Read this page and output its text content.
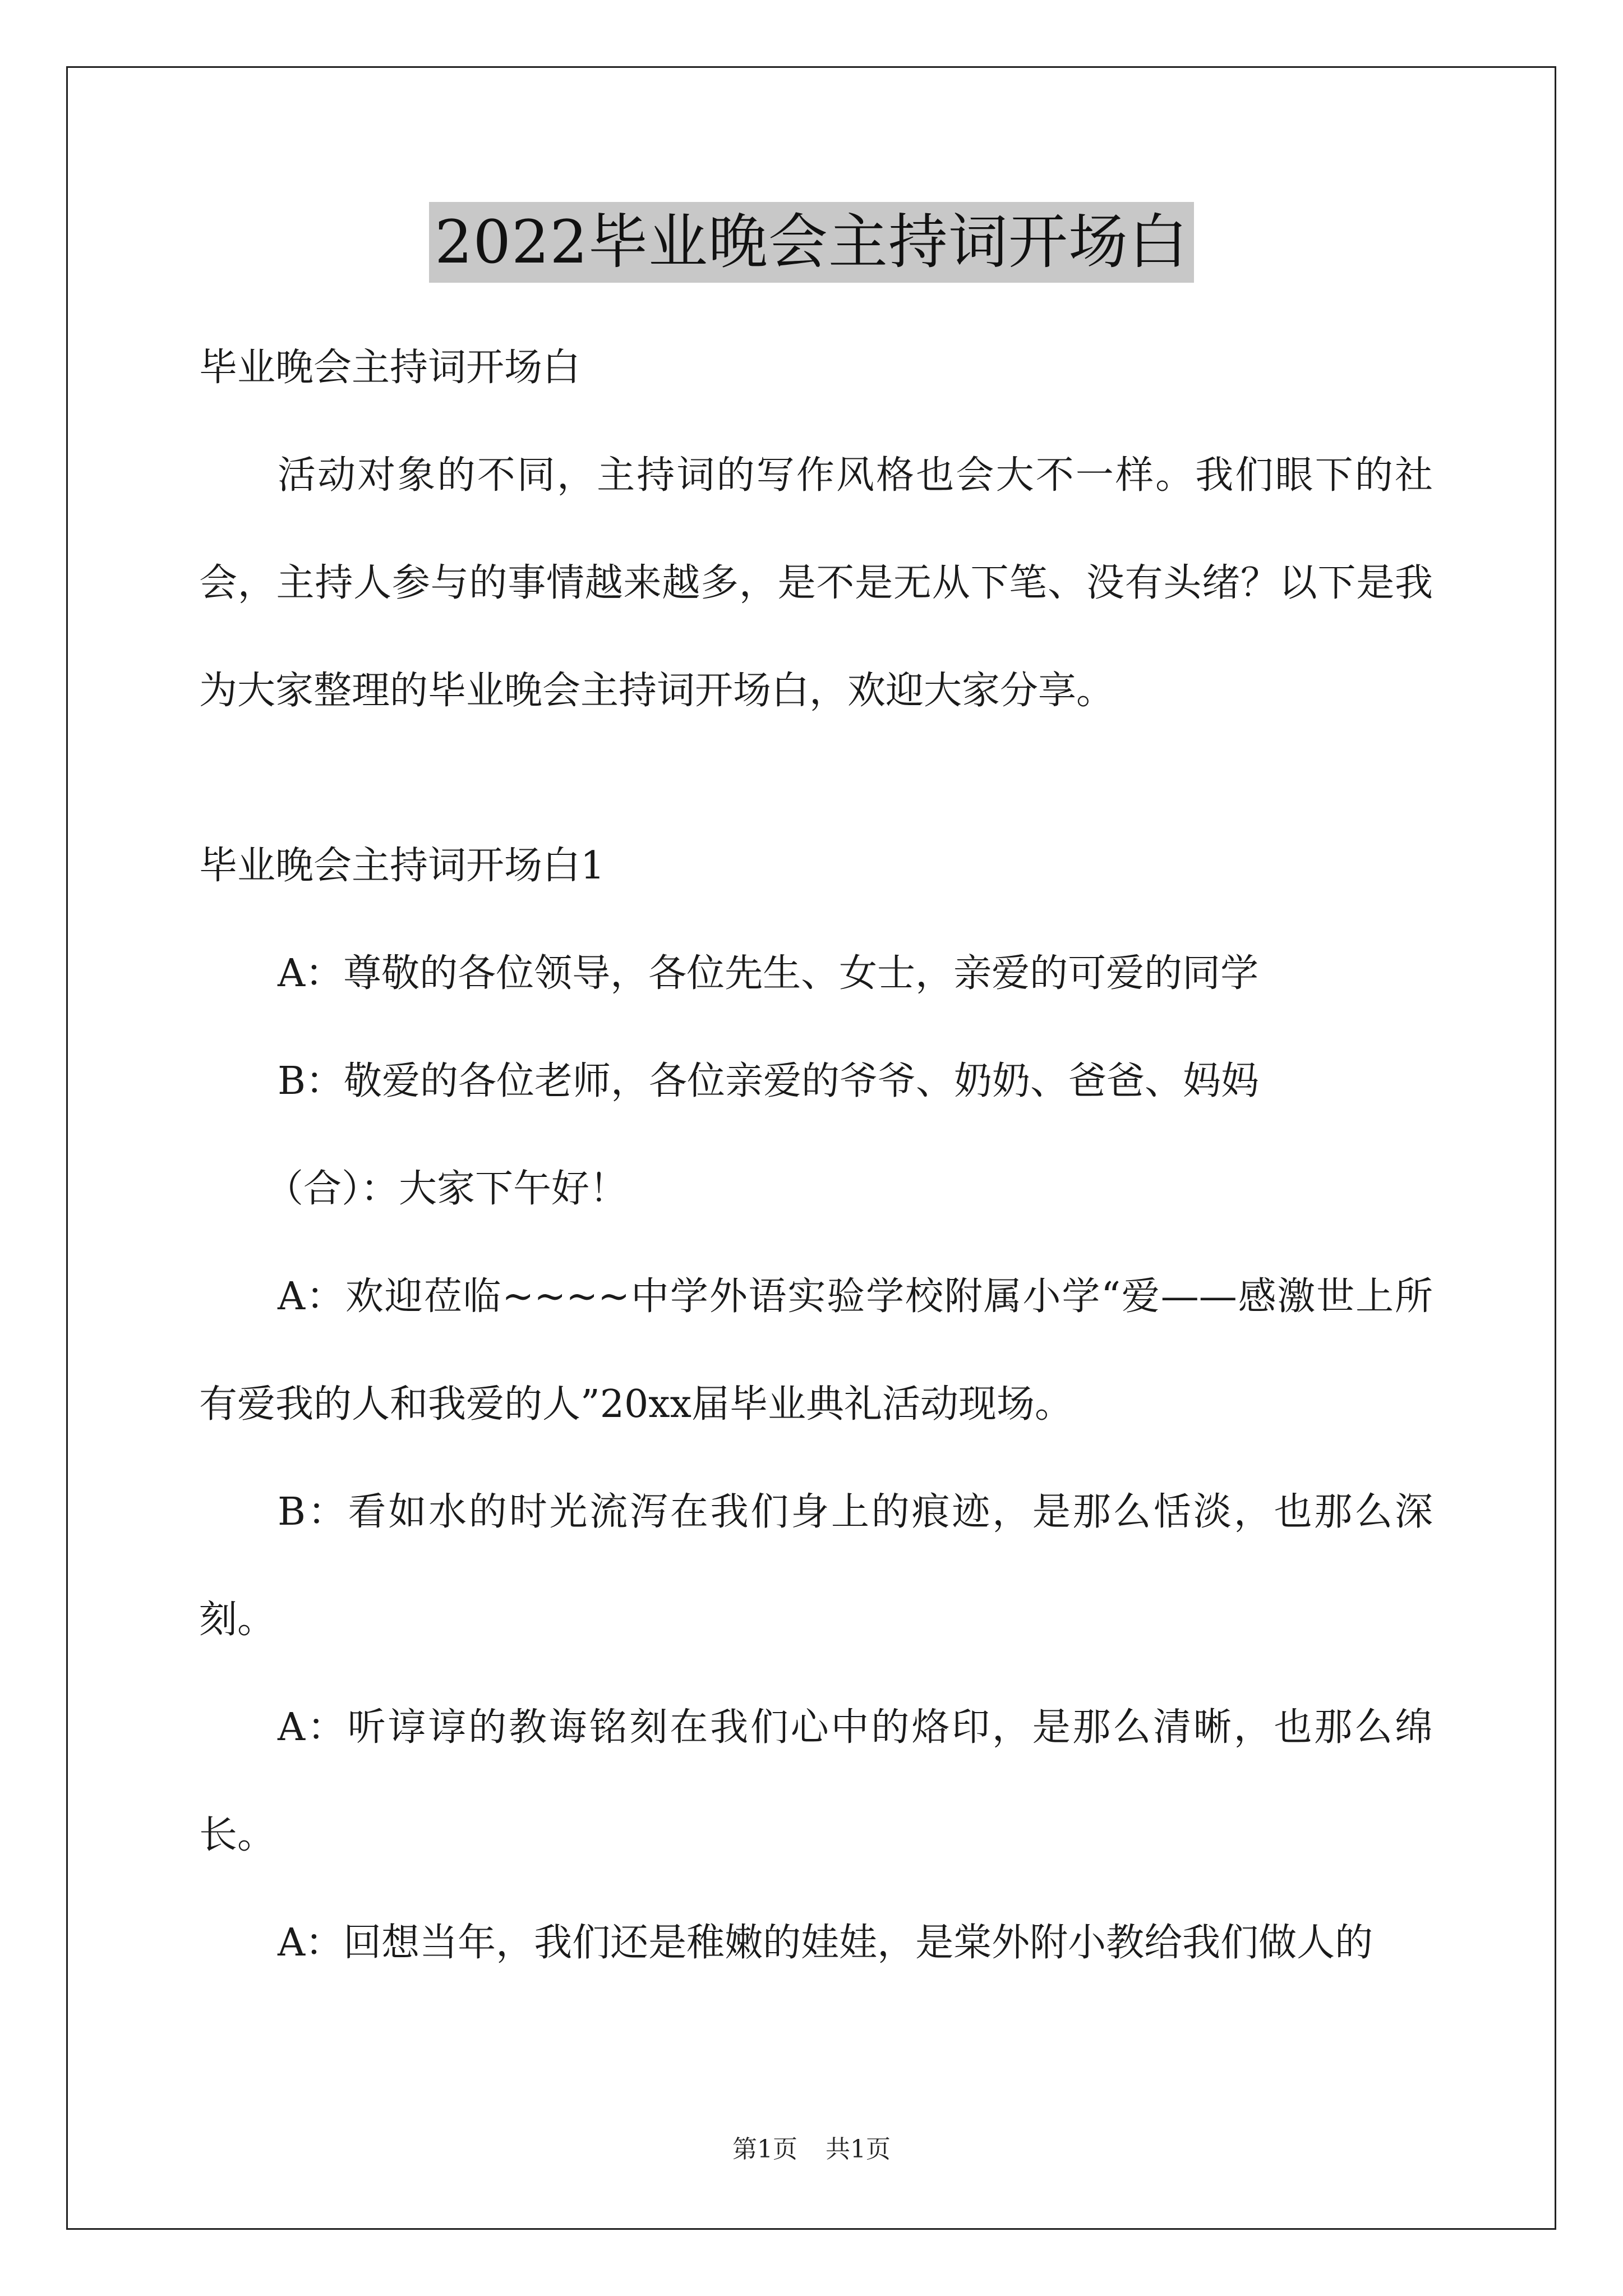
2022毕业晚会主持词开场白

毕业晚会主持词开场白

活动对象的不同，主持词的写作风格也会大不一样。我们眼下的社会，主持人参与的事情越来越多，是不是无从下笔、没有头绪？以下是我为大家整理的毕业晚会主持词开场白，欢迎大家分享。

毕业晚会主持词开场白1

A：尊敬的各位领导，各位先生、女士，亲爱的可爱的同学

B：敬爱的各位老师，各位亲爱的爷爷、奶奶、爸爸、妈妈

（合）：大家下午好！

A：欢迎莅临~~~~中学外语实验学校附属小学“爱——感激世上所有爱我的人和我爱的人”20xx届毕业典礼活动现场。

B：看如水的时光流泻在我们身上的痕迹，是那么恬淡，也那么深刻。

A：听谆谆的教诲铭刻在我们心中的烙印，是那么清晰，也那么绵长。

A：回想当年，我们还是稚嫩的娃娃，是棠外附小教给我们做人的

第1页 共1页
